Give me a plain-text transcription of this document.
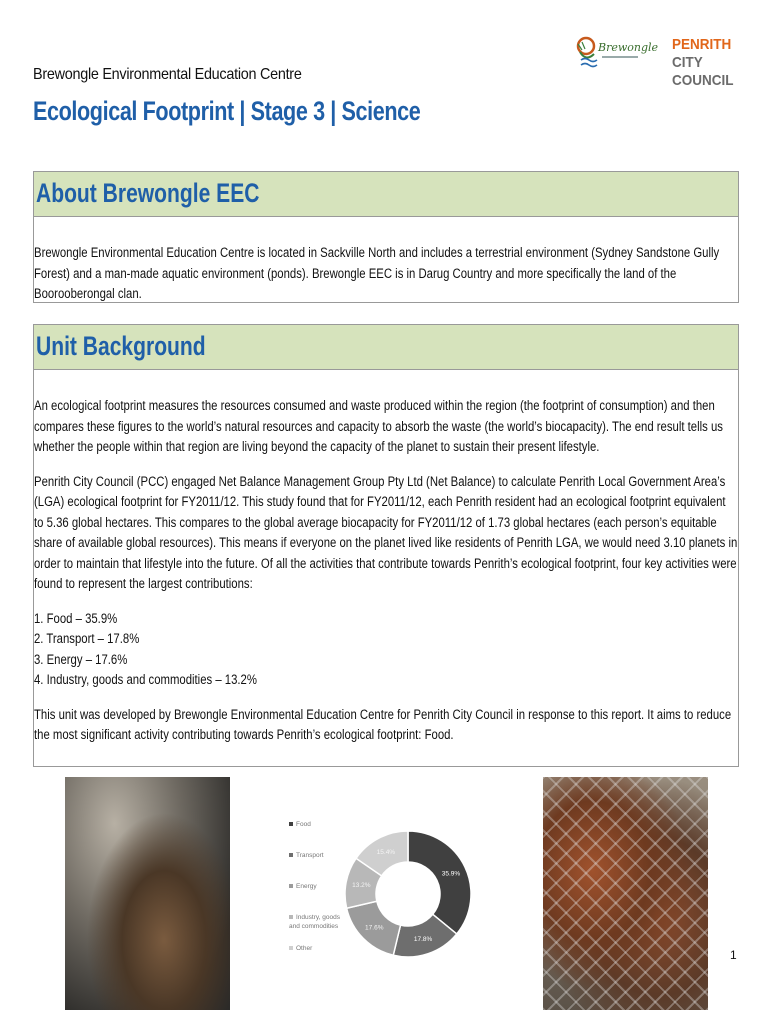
Brewongle Environmental Education Centre
Ecological Footprint | Stage 3 | Science
Brewongle PENRITH
CITY COUNCIL
About Brewongle EEC

Brewongle Environmental Education Centre is located in Sackville North and includes a terrestrial environment (Sydney Sandstone Gully Forest) and a man-made aquatic environment (ponds). Brewongle EEC is in Darug Country and more specifically the land of the Boorooberongal clan.

Unit Background

An ecological footprint measures the resources consumed and waste produced within the region (the footprint of consumption) and then compares these figures to the world’s natural resources and capacity to absorb the waste (the world’s biocapacity). The end result tells us whether the people within that region are living beyond the capacity of the planet to sustain their present lifestyle.

Penrith City Council (PCC) engaged Net Balance Management Group Pty Ltd (Net Balance) to calculate Penrith Local Government Area’s (LGA) ecological footprint for FY2011/12. This study found that for FY2011/12, each Penrith resident had an ecological footprint equivalent to 5.36 global hectares. This compares to the global average biocapacity for FY2011/12 of 1.73 global hectares (each person’s equitable share of available global resources). This means if everyone on the planet lived like residents of Penrith LGA, we would need 3.10 planets in order to maintain that lifestyle into the future. Of all the activities that contribute towards Penrith’s ecological footprint, four key activities were found to represent the largest contributions:

1. Food – 35.9%

2. Transport – 17.8%

3. Energy – 17.6%

4. Industry, goods and commodities – 13.2%

This unit was developed by Brewongle Environmental Education Centre for Penrith City Council in response to this report. It aims to reduce the most significant activity contributing towards Penrith’s ecological footprint: Food.

Food
Transport
Energy
Industry, goods and commodities
Other
35.9%
17.8%
17.6%
13.2%
15.4%
1
